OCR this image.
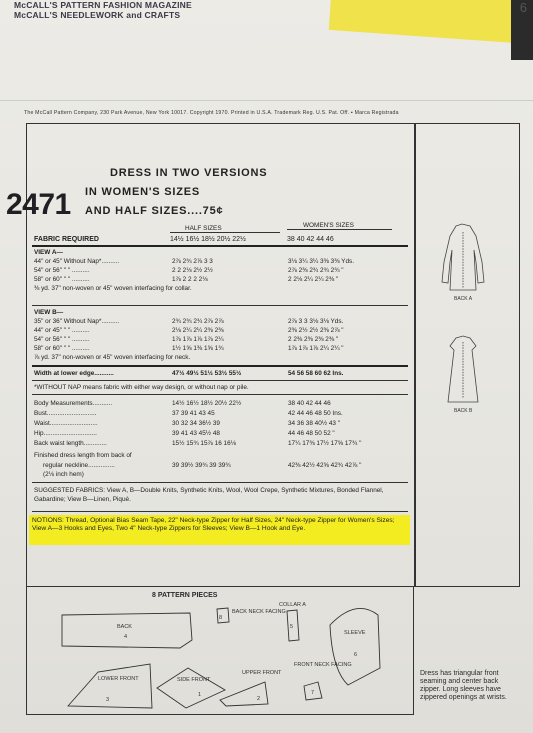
6
McCALL'S PATTERN FASHION MAGAZINE
McCALL'S NEEDLEWORK and CRAFTS
The McCall Pattern Company, 230 Park Avenue, New York 10017. Copyright 1970. Printed in U.S.A. Trademark Reg. U.S. Pat. Off. ▪ Marca Registrada
2471
DRESS IN TWO VERSIONS
IN WOMEN'S SIZES
AND HALF SIZES....75¢
HALF SIZES	WOMEN'S SIZES
FABRIC REQUIRED	14½ 16½ 18½ 20½ 22½	38 40 42 44 46
VIEW A—
44" or 45" Without Nap*..........	2⅞ 2¾ 2⅞ 3 3	3⅛ 3¼ 3¼ 3⅜ 3⅜ Yds.
54" or 56" " " ..........	2 2 2⅛ 2½ 2½	2⅞ 2⅜ 2¾ 2¾ 2¾ "
58" or 60" " " ..........	1⅞ 2 2 2 2⅛	2 2⅛ 2¼ 2¼ 2⅜ "
⅜ yd. 37" non-woven or 45" woven interfacing for collar.
VIEW B—
35" or 36" Without Nap*..........	2¾ 2¾ 2¾ 2⅞ 2⅞	2⅞ 3 3 3⅛ 3⅛ Yds.
44" or 45" " " ..........	2⅛ 2¼ 2¼ 2⅜ 2⅜	2⅜ 2½ 2½ 2⅜ 2⅞ "
54" or 56" " " ..........	1⅞ 1⅞ 1⅞ 1⅞ 2¼	2 2⅜ 2⅜ 2⅜ 2⅜ "
58" or 60" " " ..........	1½ 1⅝ 1⅜ 1⅝ 1¾	1⅞ 1⅞ 1⅞ 2¼ 2¼ "
⅞ yd. 37" non-woven or 45" woven interfacing for neck.
Width at lower edge...........	47½ 49½ 51½ 53½ 55½	54 56 58 60 62 Ins.
*WITHOUT NAP means fabric with either way design, or without nap or pile.
Body Measurements...........	14½ 16½ 18½ 20½ 22½	38 40 42 44 46
Bust............................	37 39 41 43 45	42 44 46 48 50 Ins.
Waist...........................	30 32 34 36½ 39	34 36 38 40½ 43 "
Hip..............................	39 41 43 45½ 48	44 46 48 50 52 "
Back waist length.............	15½ 15¾ 15⅞ 16 16⅛	17¼ 17⅜ 17½ 17⅝ 17¾ "
Finished dress length from back of
regular neckline...............	39 39½ 39¾ 39 39¾	42⅜ 42½ 42⅝ 42¾ 42⅞ "
(2⅛ inch hem)
SUGGESTED FABRICS: View A, B—Double Knits, Synthetic Knits, Wool, Wool Crepe, Synthetic Mixtures, Bonded Flannel, Gabardine; View B—Linen, Piqué.
NOTIONS: Thread, Optional Bias Seam Tape, 22" Neck-type Zipper for Half Sizes, 24" Neck-type Zipper for Women's Sizes; View A—3 Hooks and Eyes, Two 4" Neck-type Zippers for Sleeves; View B—1 Hook and Eye.
8 PATTERN PIECES
BACK
4
8
BACK NECK FACING
COLLAR A
5
SLEEVE
6
LOWER FRONT
3
SIDE FRONT
1
UPPER FRONT
2
FRONT NECK FACING
7
BACK A
BACK B
Dress has triangular front seaming and center back zipper. Long sleeves have zippered openings at wrists.
